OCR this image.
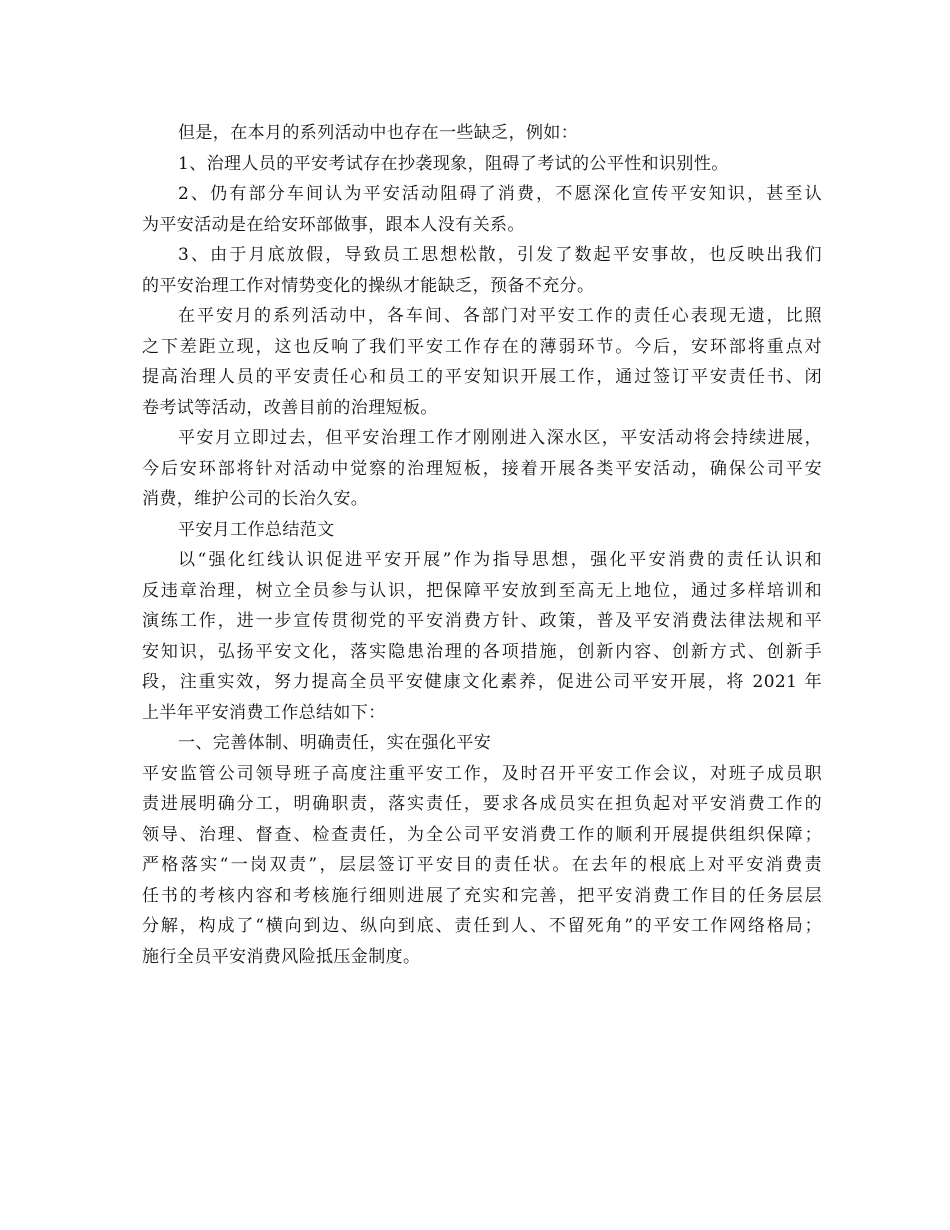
但是，在本月的系列活动中也存在一些缺乏，例如：
1、治理人员的平安考试存在抄袭现象，阻碍了考试的公平性和识别性。
2、仍有部分车间认为平安活动阻碍了消费，不愿深化宣传平安知识，甚至认
为平安活动是在给安环部做事，跟本人没有关系。
3、由于月底放假，导致员工思想松散，引发了数起平安事故，也反映出我们
的平安治理工作对情势变化的操纵才能缺乏，预备不充分。
在平安月的系列活动中，各车间、各部门对平安工作的责任心表现无遗，比照
之下差距立现，这也反响了我们平安工作存在的薄弱环节。今后，安环部将重点对
提高治理人员的平安责任心和员工的平安知识开展工作，通过签订平安责任书、闭
卷考试等活动，改善目前的治理短板。
平安月立即过去，但平安治理工作才刚刚进入深水区，平安活动将会持续进展，
今后安环部将针对活动中觉察的治理短板，接着开展各类平安活动，确保公司平安
消费，维护公司的长治久安。
平安月工作总结范文
以“强化红线认识促进平安开展”作为指导思想，强化平安消费的责任认识和
反违章治理，树立全员参与认识，把保障平安放到至高无上地位，通过多样培训和
演练工作，进一步宣传贯彻党的平安消费方针、政策，普及平安消费法律法规和平
安知识，弘扬平安文化，落实隐患治理的各项措施，创新内容、创新方式、创新手
段，注重实效，努力提高全员平安健康文化素养，促进公司平安开展，将 2021 年
上半年平安消费工作总结如下：
一、完善体制、明确责任，实在强化平安
平安监管公司领导班子高度注重平安工作，及时召开平安工作会议，对班子成员职
责进展明确分工，明确职责，落实责任，要求各成员实在担负起对平安消费工作的
领导、治理、督查、检查责任，为全公司平安消费工作的顺利开展提供组织保障；
严格落实“一岗双责”，层层签订平安目的责任状。在去年的根底上对平安消费责
任书的考核内容和考核施行细则进展了充实和完善，把平安消费工作目的任务层层
分解，构成了“横向到边、纵向到底、责任到人、不留死角”的平安工作网络格局；
施行全员平安消费风险抵压金制度。
